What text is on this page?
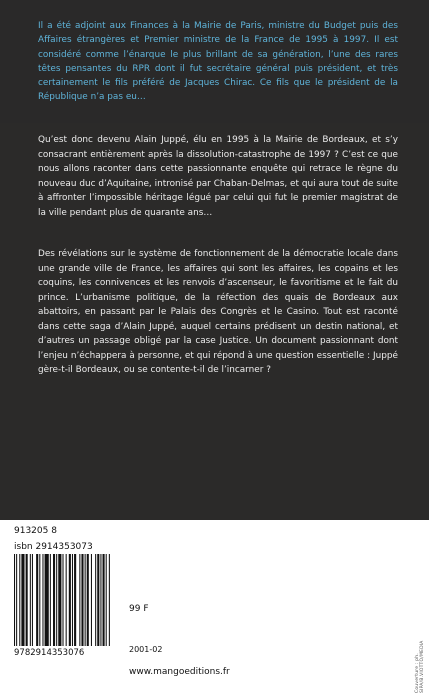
Il a été adjoint aux Finances à la Mairie de Paris, ministre du Budget puis des Affaires étrangères et Premier ministre de la France de 1995 à 1997. Il est considéré comme l’énarque le plus brillant de sa génération, l’une des rares têtes pensantes du RPR dont il fut secrétaire général puis président, et très certainement le fils préféré de Jacques Chirac. Ce fils que le président de la République n’a pas eu…

Qu’est donc devenu Alain Juppé, élu en 1995 à la Mairie de Bordeaux, et s’y consacrant entièrement après la dissolution-catastrophe de 1997 ? C’est ce que nous allons raconter dans cette passionnante enquête qui retrace le règne du nouveau duc d’Aquitaine, intronisé par Chaban-Delmas, et qui aura tout de suite à affronter l’impossible héritage légué par celui qui fut le premier magistrat de la ville pendant plus de quarante ans…

Des révélations sur le système de fonctionnement de la démocratie locale dans une grande ville de France, les affaires qui sont les affaires, les copains et les coquins, les connivences et les renvois d’ascenseur, le favoritisme et le fait du prince. L’urbanisme politique, de la réfection des quais de Bordeaux aux abattoirs, en passant par le Palais des Congrès et le Casino. Tout est raconté dans cette saga d’Alain Juppé, auquel certains prédisent un destin national, et d’autres un passage obligé par la case Justice. Un document passionnant dont l’enjeu n’échappera à personne, et qui répond à une question essentielle : Juppé gère-t-il Bordeaux, ou se contente-t-il de l’incarner ?

913205 8
isbn 2914353073
9782914353076
99 F
2001-02
www.mangoeditions.fr	Couverture : ph. SIPA/B.VIOTTO/MEDIA
